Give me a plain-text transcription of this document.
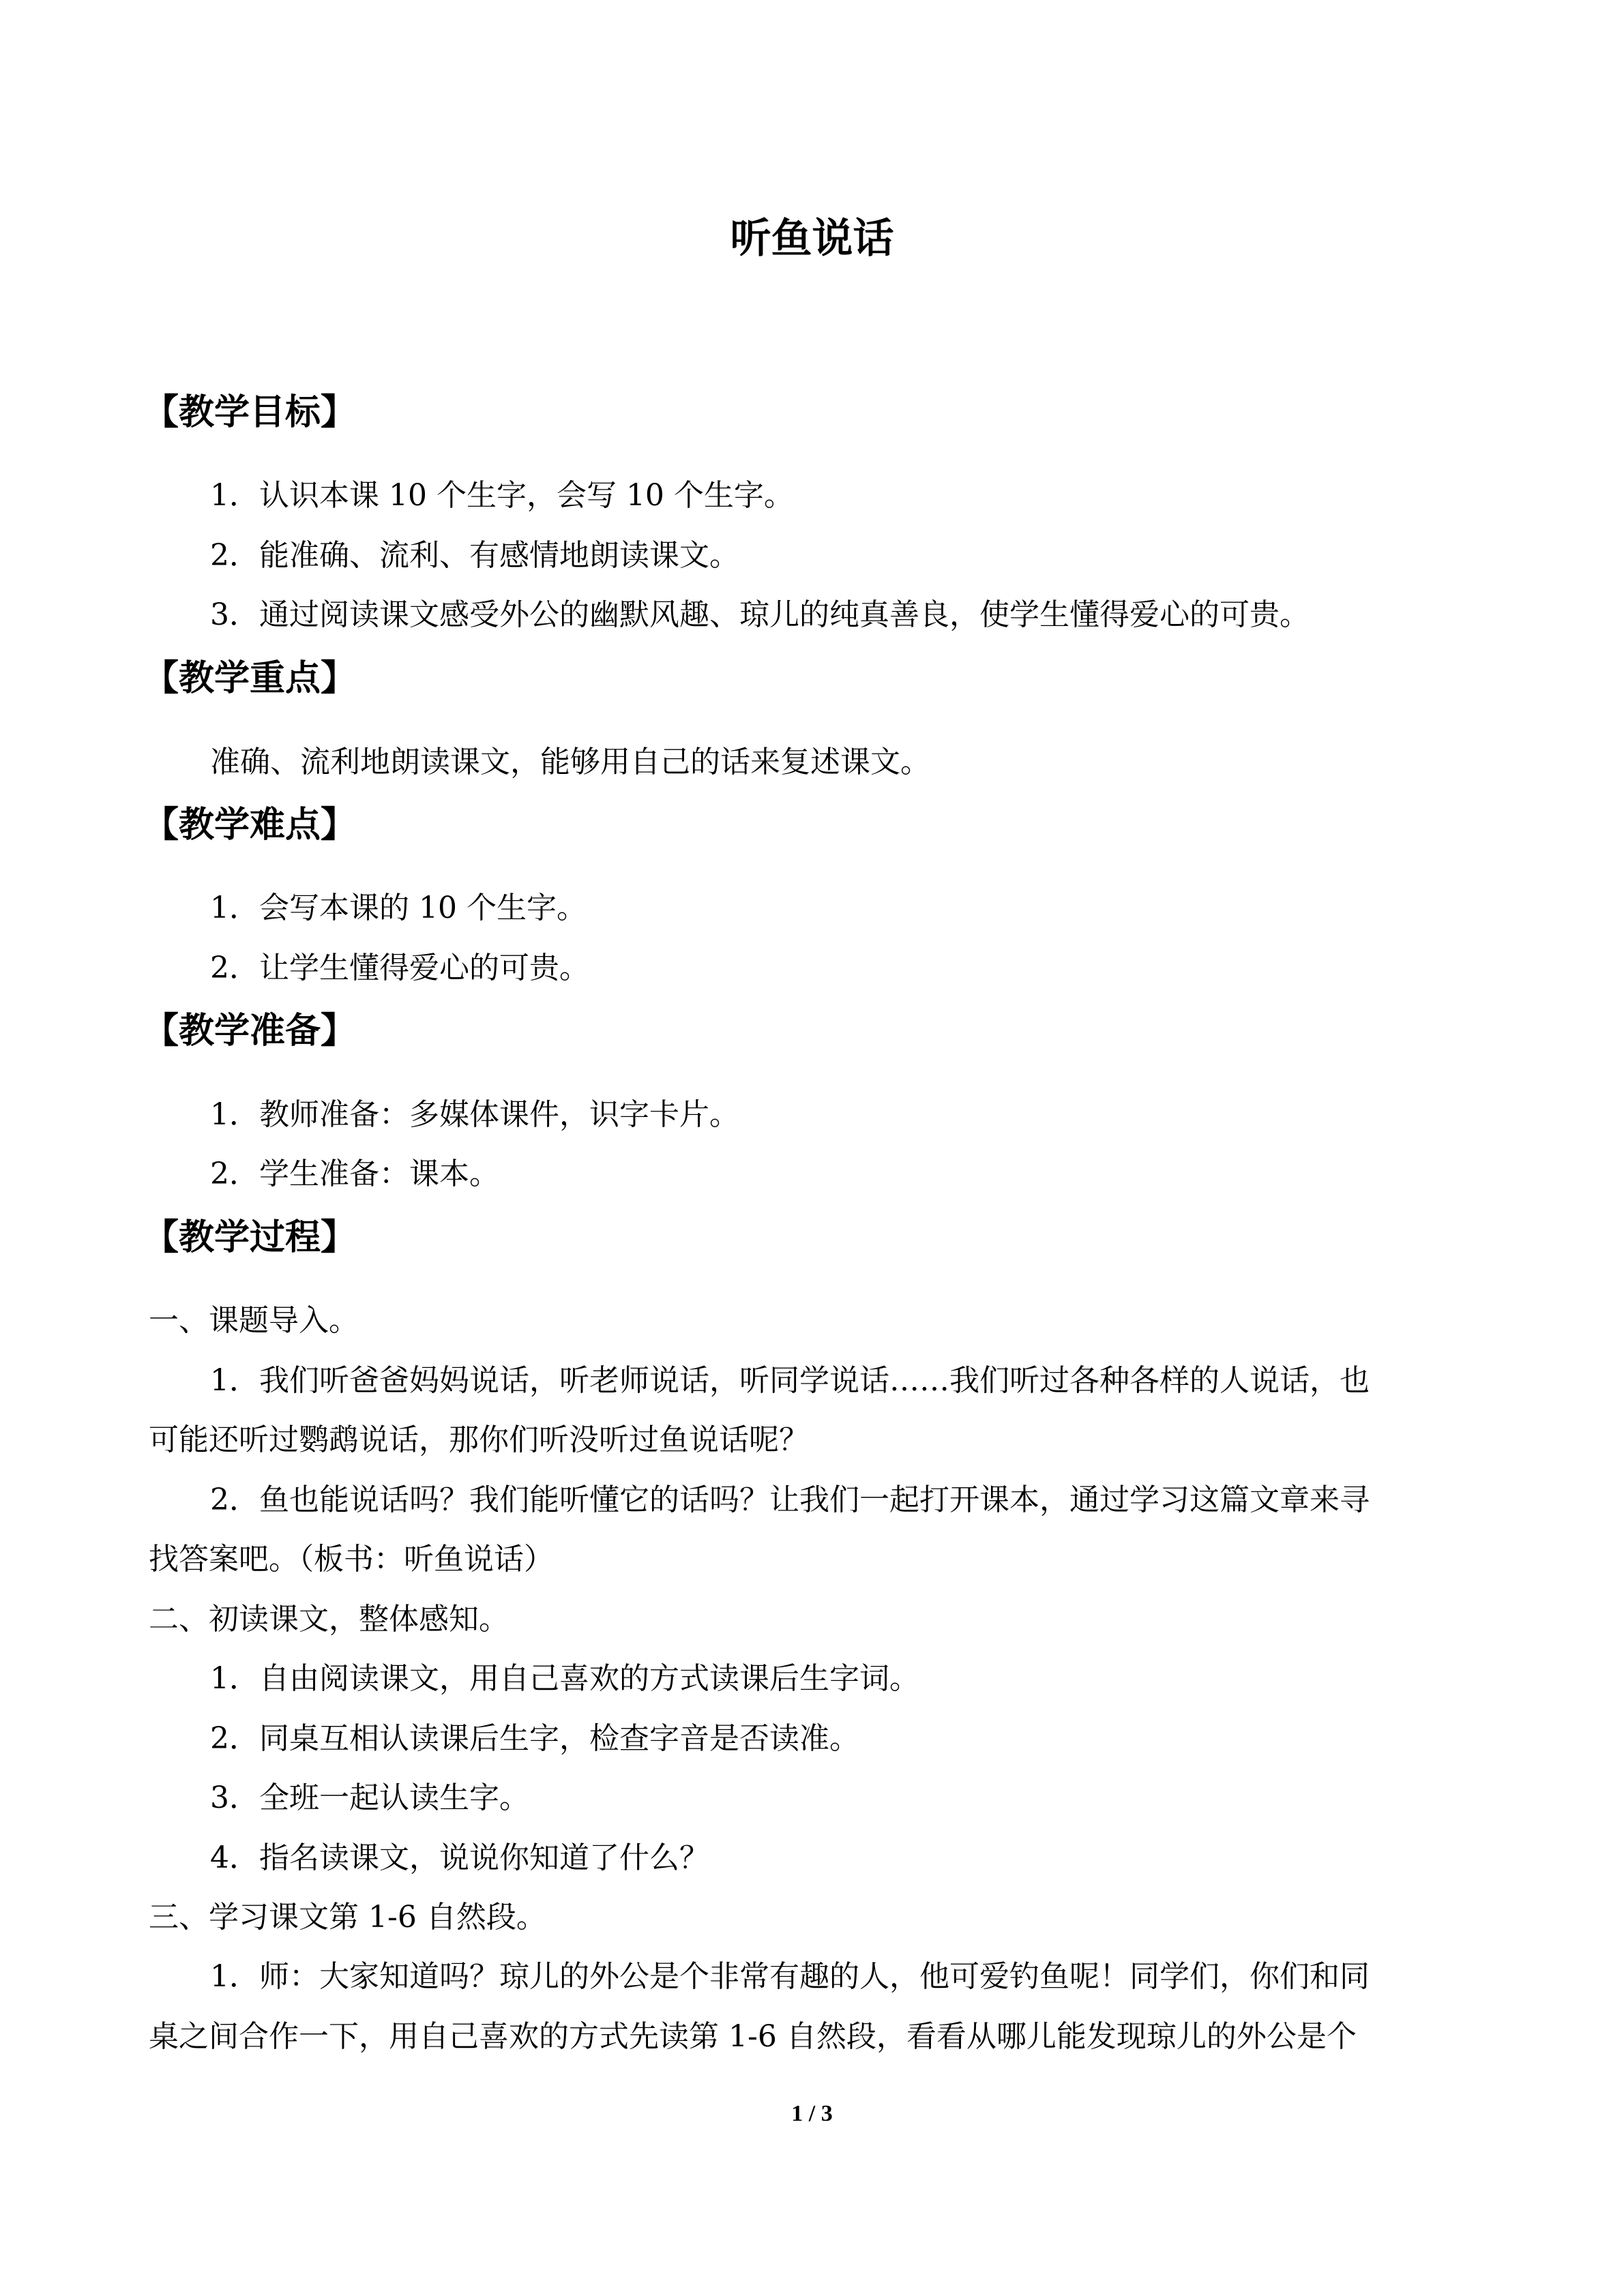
听鱼说话
【教学目标】

1．认识本课 10 个生字，会写 10 个生字。

2．能准确、流利、有感情地朗读课文。

3．通过阅读课文感受外公的幽默风趣、琼儿的纯真善良，使学生懂得爱心的可贵。

【教学重点】

准确、流利地朗读课文，能够用自己的话来复述课文。

【教学难点】

1．会写本课的 10 个生字。

2．让学生懂得爱心的可贵。

【教学准备】

1．教师准备：多媒体课件，识字卡片。

2．学生准备：课本。

【教学过程】

一、课题导入。

1．我们听爸爸妈妈说话，听老师说话，听同学说话……我们听过各种各样的人说话，也

可能还听过鹦鹉说话，那你们听没听过鱼说话呢？

2．鱼也能说话吗？我们能听懂它的话吗？让我们一起打开课本，通过学习这篇文章来寻

找答案吧。（板书：听鱼说话）

二、初读课文，整体感知。

1．自由阅读课文，用自己喜欢的方式读课后生字词。

2．同桌互相认读课后生字，检查字音是否读准。

3．全班一起认读生字。

4．指名读课文，说说你知道了什么？

三、学习课文第 1-6 自然段。

1．师：大家知道吗？琼儿的外公是个非常有趣的人，他可爱钓鱼呢！同学们，你们和同

桌之间合作一下，用自己喜欢的方式先读第 1-6 自然段，看看从哪儿能发现琼儿的外公是个

1 / 3
